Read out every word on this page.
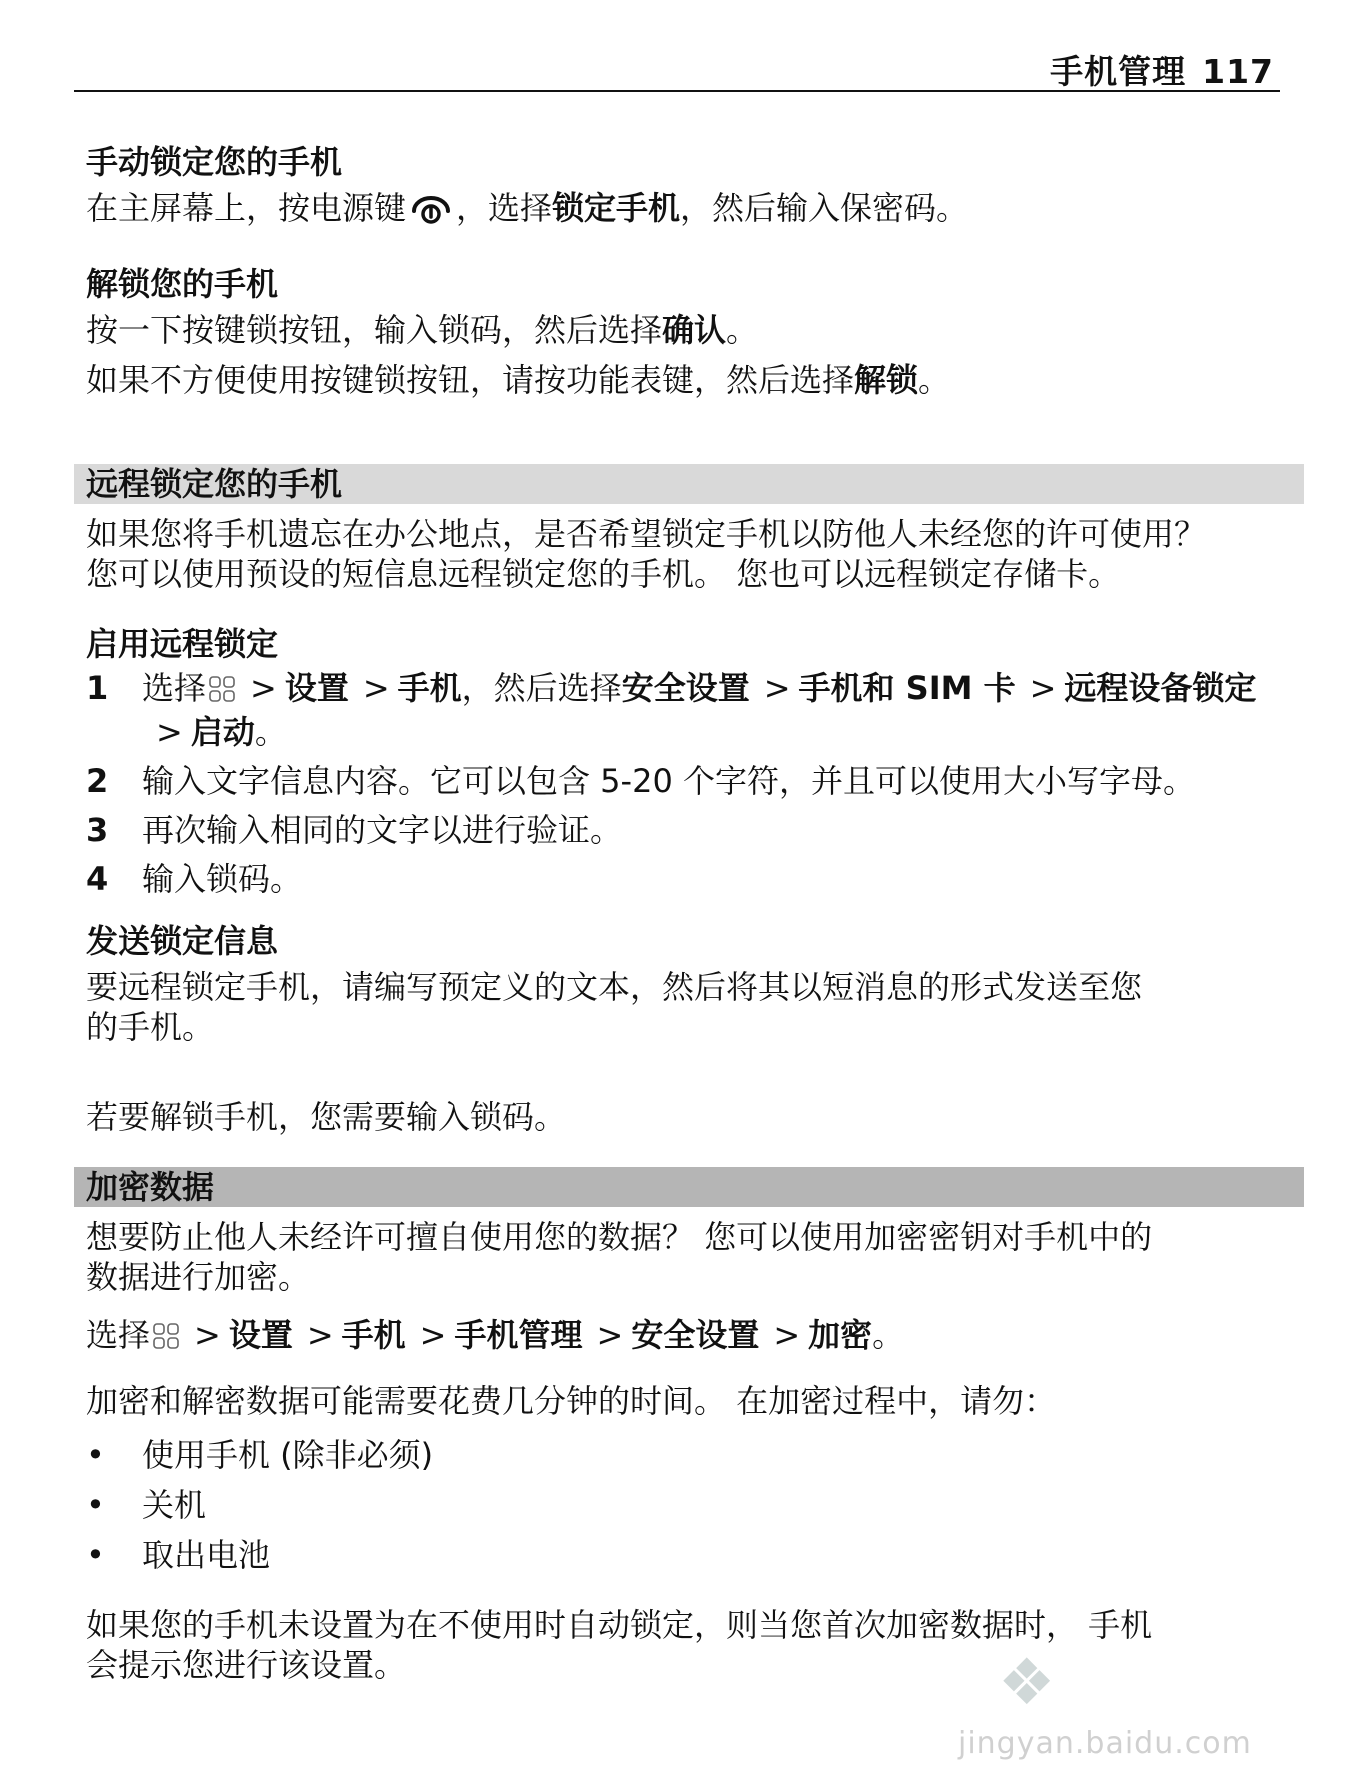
手机管理 117

手动锁定您的手机

在主屏幕上，按电源键 ，选择锁定手机，然后输入保密码。

解锁您的手机

按一下按键锁按钮，输入锁码，然后选择确认。

如果不方便使用按键锁按钮，请按功能表键，然后选择解锁。

远程锁定您的手机

如果您将手机遗忘在办公地点，是否希望锁定手机以防他人未经您的许可使用？

您可以使用预设的短信息远程锁定您的手机。 您也可以远程锁定存储卡。

启用远程锁定

1	选择 > 设置 > 手机，然后选择安全设置 > 手机和 SIM 卡 > 远程设备锁定> 启动。
2	输入文字信息内容。它可以包含 5-20 个字符，并且可以使用大小写字母。
3	再次输入相同的文字以进行验证。
4	输入锁码。

发送锁定信息

要远程锁定手机，请编写预定义的文本，然后将其以短消息的形式发送至您

的手机。

若要解锁手机，您需要输入锁码。

加密数据

想要防止他人未经许可擅自使用您的数据？ 您可以使用加密密钥对手机中的

数据进行加密。

选择 > 设置 > 手机 > 手机管理 > 安全设置 > 加密。

加密和解密数据可能需要花费几分钟的时间。 在加密过程中，请勿：

•	使用手机 (除非必须)
•	关机
•	取出电池

如果您的手机未设置为在不使用时自动锁定，则当您首次加密数据时， 手机

会提示您进行该设置。	❖
jingyan.baidu.com
